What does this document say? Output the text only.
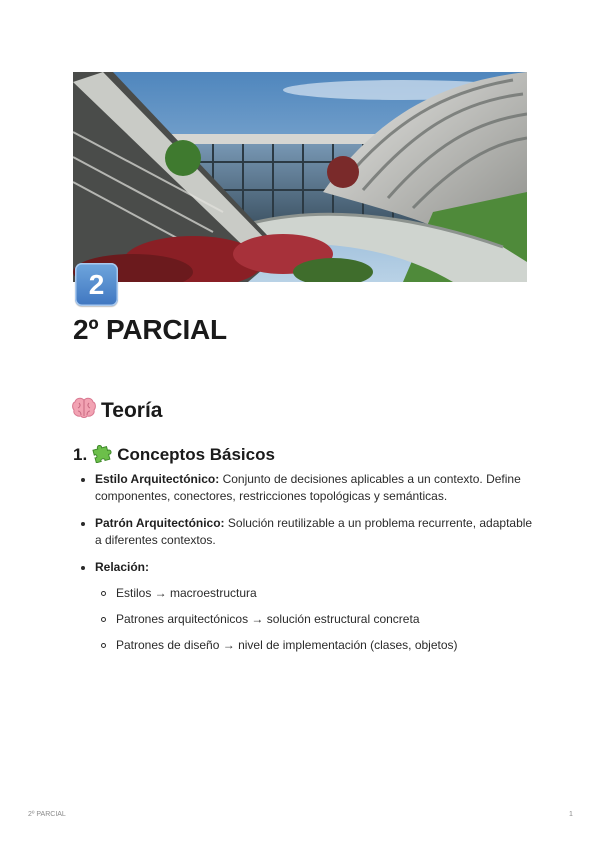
2
2º PARCIAL
Teoría
1. Conceptos Básicos
Estilo Arquitectónico: Conjunto de decisiones aplicables a un contexto. Define componentes, conectores, restricciones topológicas y semánticas.
Patrón Arquitectónico: Solución reutilizable a un problema recurrente, adaptable a diferentes contextos.
Relación:
Estilos → macroestructura
Patrones arquitectónicos → solución estructural concreta
Patrones de diseño → nivel de implementación (clases, objetos)
2º PARCIAL	1
